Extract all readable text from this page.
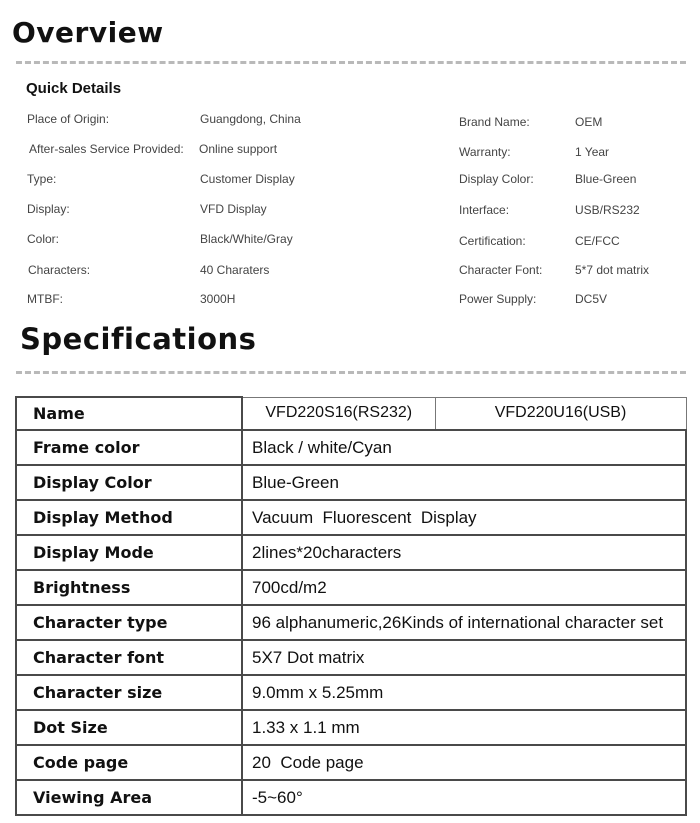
Overview
Quick Details
Place of Origin:	Guangdong, China
After-sales Service Provided: Online support
Type:	Customer Display
Display:	VFD Display
Color:	Black/White/Gray
Characters:	40 Charaters
MTBF:	3000H
Brand Name:	OEM
Warranty:	1 Year
Display Color:	Blue-Green
Interface:	USB/RS232
Certification:	CE/FCC
Character Font:	5*7 dot matrix
Power Supply:	DC5V
Specifications
Name	VFD220S16(RS232)	VFD220U16(USB)
Frame color	Black / white/Cyan	
Display Color	Blue-Green	
Display Method	Vacuum  Fluorescent  Display	
Display Mode	2lines*20characters	
Brightness	700cd/m2	
Character type	96 alphanumeric,26Kinds of international character set	
Character font	5X7 Dot matrix	
Character size	9.0mm x 5.25mm	
Dot Size	1.33 x 1.1 mm	
Code page	20  Code page	
Viewing Area	-5~60°	
